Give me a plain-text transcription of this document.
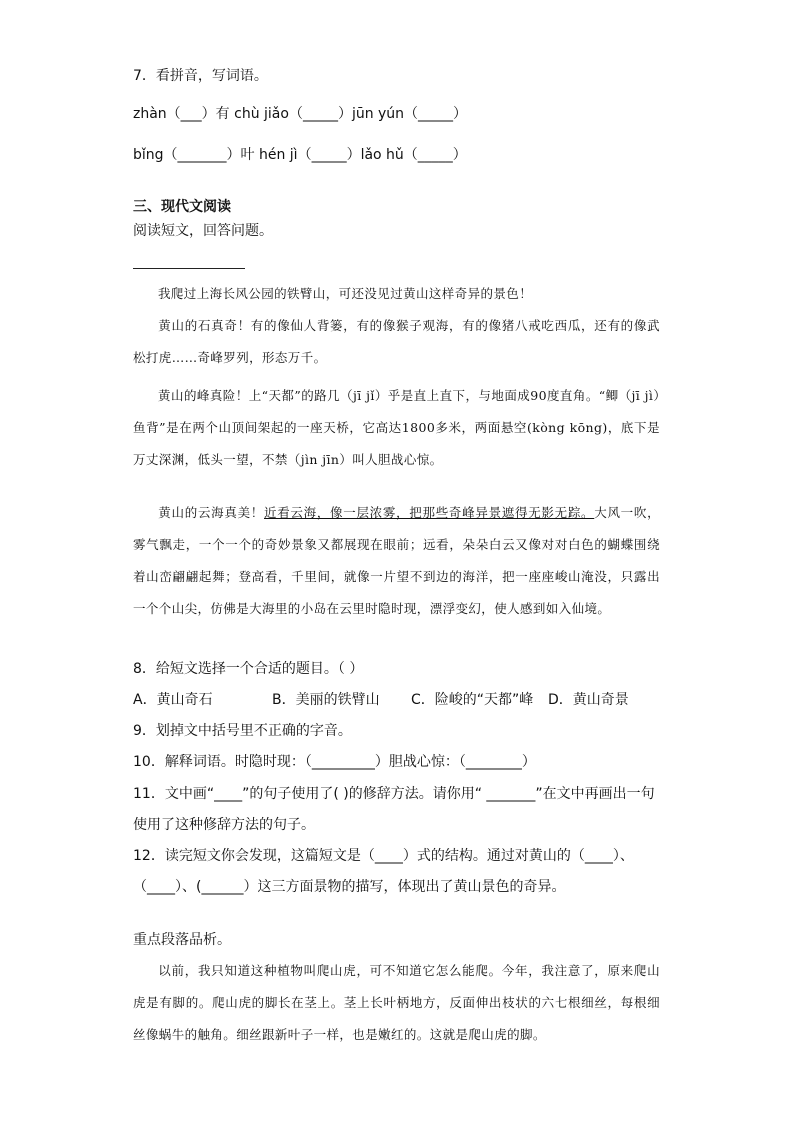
7．看拼音，写词语。
zhàn（___）有 chù jiǎo（_____）jūn yún（_____）
bǐng（_______）叶 hén jì（_____）lǎo hǔ（_____）
三、现代文阅读
阅读短文，回答问题。
我爬过上海长风公园的铁臂山，可还没见过黄山这样奇异的景色！
黄山的石真奇！有的像仙人背篓，有的像猴子观海，有的像猪八戒吃西瓜，还有的像武松打虎……奇峰罗列，形态万千。
黄山的峰真险！上“天都”的路几（jī jǐ）乎是直上直下，与地面成90度直角。“鲫（jī jì）鱼背”是在两个山顶间架起的一座天桥，它高达1800多米，两面悬空(kòng kōng)，底下是万丈深渊，低头一望，不禁（jìn jīn）叫人胆战心惊。
黄山的云海真美！近看云海，像一层浓雾，把那些奇峰异景遮得无影无踪。大风一吹，雾气飘走，一个一个的奇妙景象又都展现在眼前；远看，朵朵白云又像对对白色的蝴蝶围绕着山峦翩翩起舞；登高看，千里间，就像一片望不到边的海洋，把一座座峻山淹没，只露出一个个山尖，仿佛是大海里的小岛在云里时隐时现，漂浮变幻，使人感到如入仙境。
8．给短文选择一个合适的题目。（ ）
A．黄山奇石	B．美丽的铁臂山 C．险峻的“天都”峰 D．黄山奇景
9．划掉文中括号里不正确的字音。
10．解释词语。时隐时现：（_________）胆战心惊：（________）
11．文中画“____”的句子使用了( )的修辞方法。请你用“ _______”在文中再画出一句
使用了这种修辞方法的句子。
12．读完短文你会发现，这篇短文是（____）式的结构。通过对黄山的（____）、
（____）、(______）这三方面景物的描写，体现出了黄山景色的奇异。
重点段落品析。
以前，我只知道这种植物叫爬山虎，可不知道它怎么能爬。今年，我注意了，原来爬山虎是有脚的。爬山虎的脚长在茎上。茎上长叶柄地方，反面伸出枝状的六七根细丝，每根细丝像蜗牛的触角。细丝跟新叶子一样，也是嫩红的。这就是爬山虎的脚。
